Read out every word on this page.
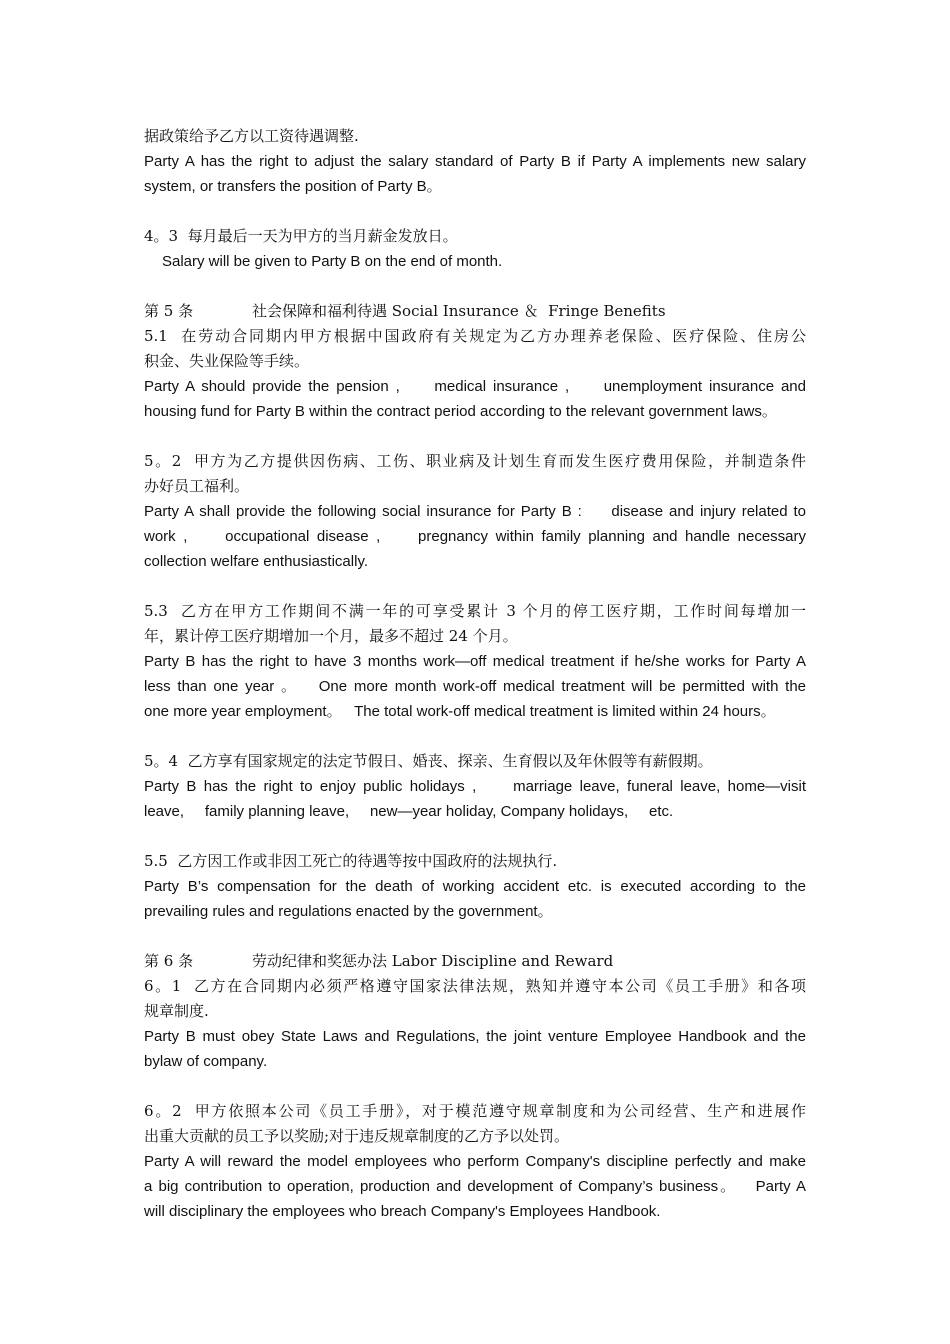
据政策给予乙方以工资待遇调整.
Party A has the right to adjust the salary standard of Party B if Party A implements new salary
system, or transfers the position of Party B。
4。3  每月最后一天为甲方的当月薪金发放日。
Salary will be given to Party B on the end of month.
第 5 条	社会保障和福利待遇 Social Insurance ＆  Fringe Benefits
5.1  在劳动合同期内甲方根据中国政府有关规定为乙方办理养老保险、医疗保险、住房公
积金、失业保险等手续。
Party A should provide the pension ,     medical insurance ,     unemployment insurance and
housing fund for Party B within the contract period according to the relevant government laws。
5。2  甲方为乙方提供因伤病、工伤、职业病及计划生育而发生医疗费用保险，并制造条件
办好员工福利。
Party A shall provide the following social insurance for Party B :     disease and injury related to
work ,     occupational disease ,     pregnancy within family planning and handle necessary
collection welfare enthusiastically.
5.3  乙方在甲方工作期间不满一年的可享受累计 3 个月的停工医疗期，工作时间每增加一
年，累计停工医疗期增加一个月，最多不超过 24 个月。
Party B has the right to have 3 months work—off medical treatment if he/she works for Party A
less than one year 。   One more month work-off medical treatment will be permitted with the
one more year employment。   The total work-off medical treatment is limited within 24 hours。
5。4  乙方享有国家规定的法定节假日、婚丧、探亲、生育假以及年休假等有薪假期。
Party B has the right to enjoy public holidays ,     marriage leave, funeral leave, home—visit
leave,     family planning leave,     new—year holiday, Company holidays,     etc.
5.5  乙方因工作或非因工死亡的待遇等按中国政府的法规执行.
Party B’s compensation for the death of working accident etc. is executed according to the
prevailing rules and regulations enacted by the government。
第 6 条	劳动纪律和奖惩办法 Labor Discipline and Reward
6。1  乙方在合同期内必须严格遵守国家法律法规，熟知并遵守本公司《员工手册》和各项
规章制度.
Party B must obey State Laws and Regulations, the joint venture Employee Handbook and the
bylaw of company.
6。2  甲方依照本公司《员工手册》，对于模范遵守规章制度和为公司经营、生产和进展作
出重大贡献的员工予以奖励;对于违反规章制度的乙方予以处罚。
Party A will reward the model employees who perform Company's discipline perfectly and make
a big contribution to operation, production and development of Company’s business。   Party A
will disciplinary the employees who breach Company's Employees Handbook.
